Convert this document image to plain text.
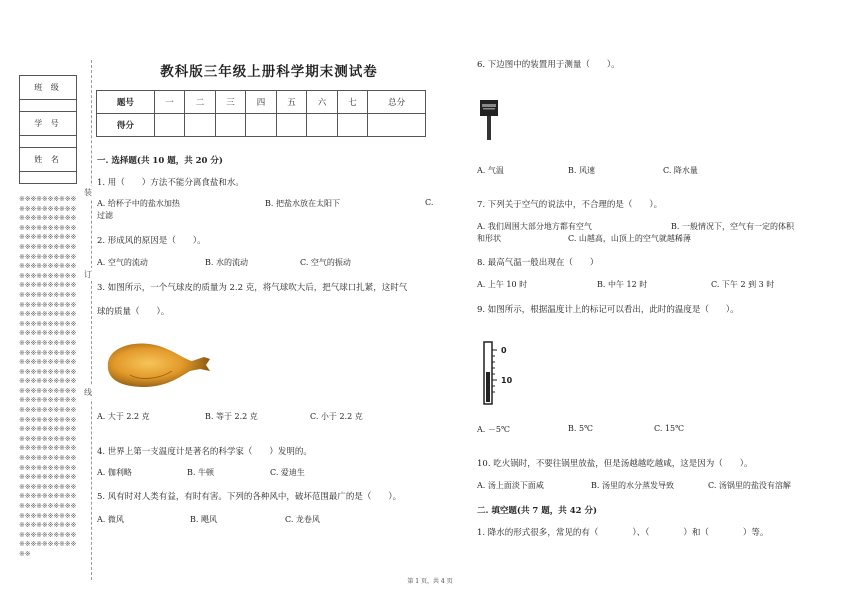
班 级

学 号

姓 名

※※※※※※※※※※※※※※※※※※※※※※※※※※※※※※※※※※※※※※※※※※※※※※※※※※※※※※※※※※※※※※※※※※※※※※※※※※※※※※※※※※※※※※※※※※※※※※※※※※※※※※※※※※※※※※※※※※※※※※※※※※※※※※※※※※※※※※※※※※※※※※※※※※※※※※※※※※※※※※※※※※※※※※※※※※※※※※※※※※※※※※※※※※※※※※※※※※※※※※※※※※※※※※※※※※※※※※※※※※※※※※※※※※※※※※※※※※※※※※※※※※※※※※※※※※※※※※※※※※※※※※※※※※※※※※※※※※※※※※※※※※※※※※※※※※※※※※※※※※※※※※※※※※※※※※※※※※※※※※※※※※※※※※※※※※※※※※※※※※※※※※※※※※※※※※※※※※※※※※※※※※※※※※※※※※※※
装
订
线
教科版三年级上册科学期末测试卷
题号	一	二	三	四	五	六	七	总分
得分								
一. 选择题(共 10 题，共 20 分)
1. 用（　　）方法不能分离食盐和水。
A. 给杯子中的盐水加热	B. 把盐水放在太阳下	C.
过滤
2. 形成风的原因是（　　）。
A. 空气的流动	B. 水的流动	C. 空气的振动
3. 如图所示，一个气球皮的质量为 2.2 克，将气球吹大后，把气球口扎紧，这时气
球的质量（　　）。
A. 大于 2.2 克	B. 等于 2.2 克	C. 小于 2.2 克
4. 世界上第一支温度计是著名的科学家（　　）发明的。
A. 伽利略	B. 牛顿	C. 爱迪生
5. 风有时对人类有益，有时有害。下列的各种风中，破坏范围最广的是（　　）。
A. 微风	B. 飓风	C. 龙卷风
6. 下边图中的装置用于测量（　　）。
A. 气温	B. 风速	C. 降水量
7. 下列关于空气的说法中，不合理的是（　　）。
A. 我们周围大部分地方都有空气	B. 一般情况下，空气有一定的体积
和形状	C. 山越高，山顶上的空气就越稀薄
8. 最高气温一般出现在（　　）
A. 上午 10 时	B. 中午 12 时	C. 下午 2 到 3 时
9. 如图所示，根据温度计上的标记可以看出，此时的温度是（　　）。
0
10
A. －5℃	B. 5℃	C. 15℃
10. 吃火锅时，不要往锅里放盐，但是汤越越吃越咸，这是因为（　　）。
A. 汤上面淡下面咸	B. 汤里的水分蒸发导致	C. 汤锅里的盐没有溶解
二. 填空题(共 7 题，共 42 分)
1. 降水的形式很多，常见的有（　　　　）、（　　　　）和（　　　　）等。
第 1 页，共 4 页
